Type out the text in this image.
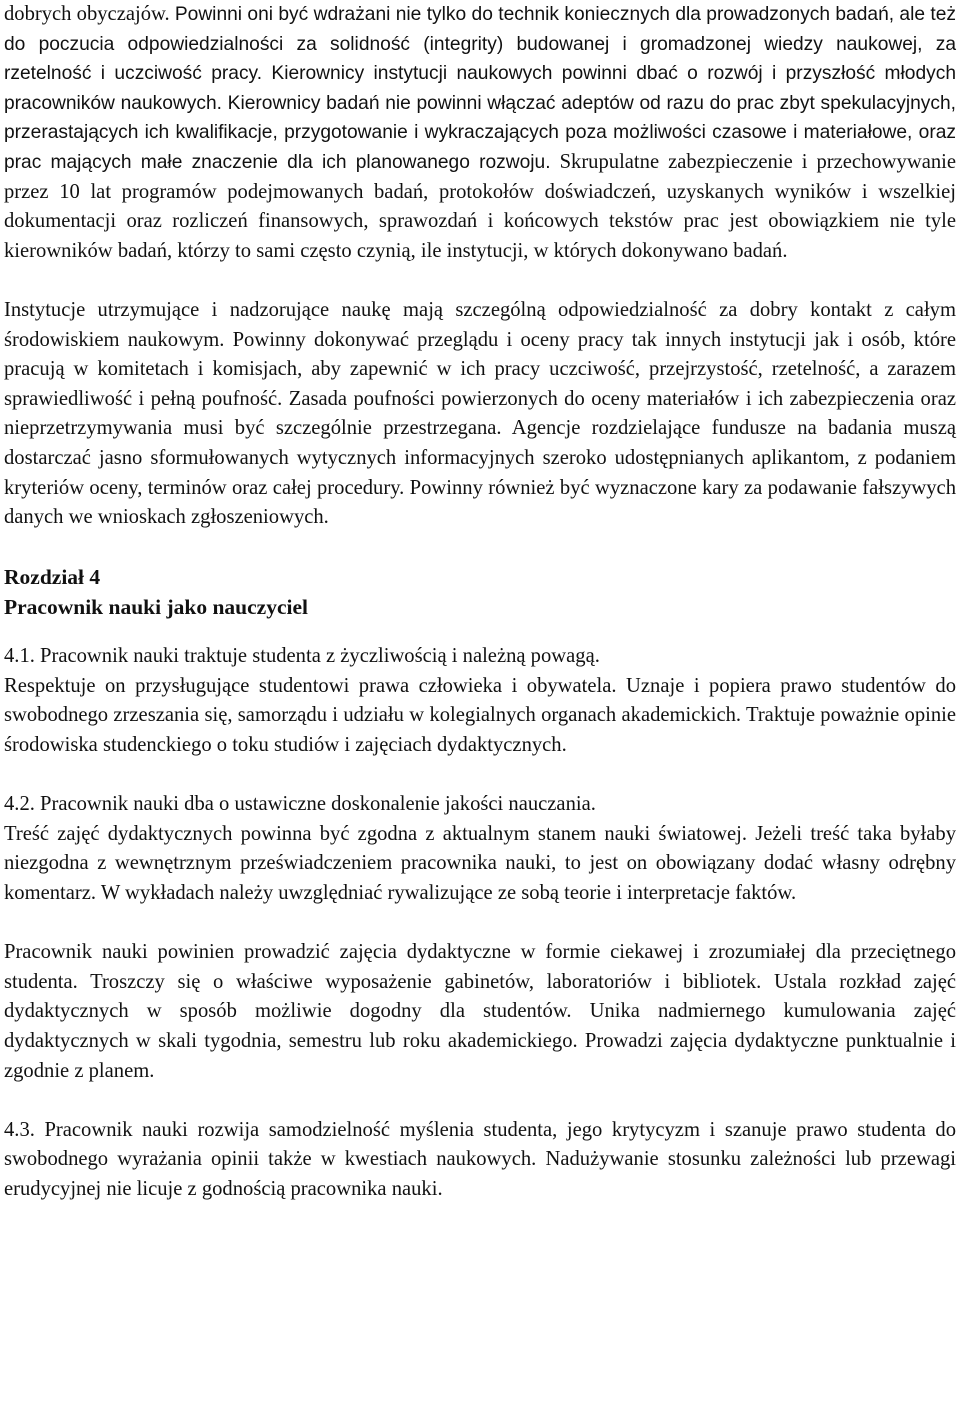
dobrych obyczajów. Powinni oni być wdrażani nie tylko do technik koniecznych dla prowadzonych badań, ale też do poczucia odpowiedzialności za solidność (integrity) budowanej i gromadzonej wiedzy naukowej, za rzetelność i uczciwość pracy. Kierownicy instytucji naukowych powinni dbać o rozwój i przyszłość młodych pracowników naukowych. Kierownicy badań nie powinni włączać adeptów od razu do prac zbyt spekulacyjnych, przerastających ich kwalifikacje, przygotowanie i wykraczających poza możliwości czasowe i materiałowe, oraz prac mających małe znaczenie dla ich planowanego rozwoju. Skrupulatne zabezpieczenie i przechowywanie przez 10 lat programów podejmowanych badań, protokołów doświadczeń, uzyskanych wyników i wszelkiej dokumentacji oraz rozliczeń finansowych, sprawozdań i końcowych tekstów prac jest obowiązkiem nie tyle kierowników badań, którzy to sami często czynią, ile instytucji, w których dokonywano badań.

Instytucje utrzymujące i nadzorujące naukę mają szczególną odpowiedzialność za dobry kontakt z całym środowiskiem naukowym. Powinny dokonywać przeglądu i oceny pracy tak innych instytucji jak i osób, które pracują w komitetach i komisjach, aby zapewnić w ich pracy uczciwość, przejrzystość, rzetelność, a zarazem sprawiedliwość i pełną poufność. Zasada poufności powierzonych do oceny materiałów i ich zabezpieczenia oraz nieprzetrzymywania musi być szczególnie przestrzegana. Agencje rozdzielające fundusze na badania muszą dostarczać jasno sformułowanych wytycznych informacyjnych szeroko udostępnianych aplikantom, z podaniem kryteriów oceny, terminów oraz całej procedury. Powinny również być wyznaczone kary za podawanie fałszywych danych we wnioskach zgłoszeniowych.

Rozdział 4

Pracownik nauki jako nauczyciel

4.1. Pracownik nauki traktuje studenta z życzliwością i należną powagą.
Respektuje on przysługujące studentowi prawa człowieka i obywatela. Uznaje i popiera prawo studentów do swobodnego zrzeszania się, samorządu i udziału w kolegialnych organach akademickich. Traktuje poważnie opinie środowiska studenckiego o toku studiów i zajęciach dydaktycznych.

4.2. Pracownik nauki dba o ustawiczne doskonalenie jakości nauczania.
Treść zajęć dydaktycznych powinna być zgodna z aktualnym stanem nauki światowej. Jeżeli treść taka byłaby niezgodna z wewnętrznym przeświadczeniem pracownika nauki, to jest on obowiązany dodać własny odrębny komentarz. W wykładach należy uwzględniać rywalizujące ze sobą teorie i interpretacje faktów.

Pracownik nauki powinien prowadzić zajęcia dydaktyczne w formie ciekawej i zrozumiałej dla przeciętnego studenta. Troszczy się o właściwe wyposażenie gabinetów, laboratoriów i bibliotek. Ustala rozkład zajęć dydaktycznych w sposób możliwie dogodny dla studentów. Unika nadmiernego kumulowania zajęć dydaktycznych w skali tygodnia, semestru lub roku akademickiego. Prowadzi zajęcia dydaktyczne punktualnie i zgodnie z planem.

4.3. Pracownik nauki rozwija samodzielność myślenia studenta, jego krytycyzm i szanuje prawo studenta do swobodnego wyrażania opinii także w kwestiach naukowych. Nadużywanie stosunku zależności lub przewagi erudycyjnej nie licuje z godnością pracownika nauki.
